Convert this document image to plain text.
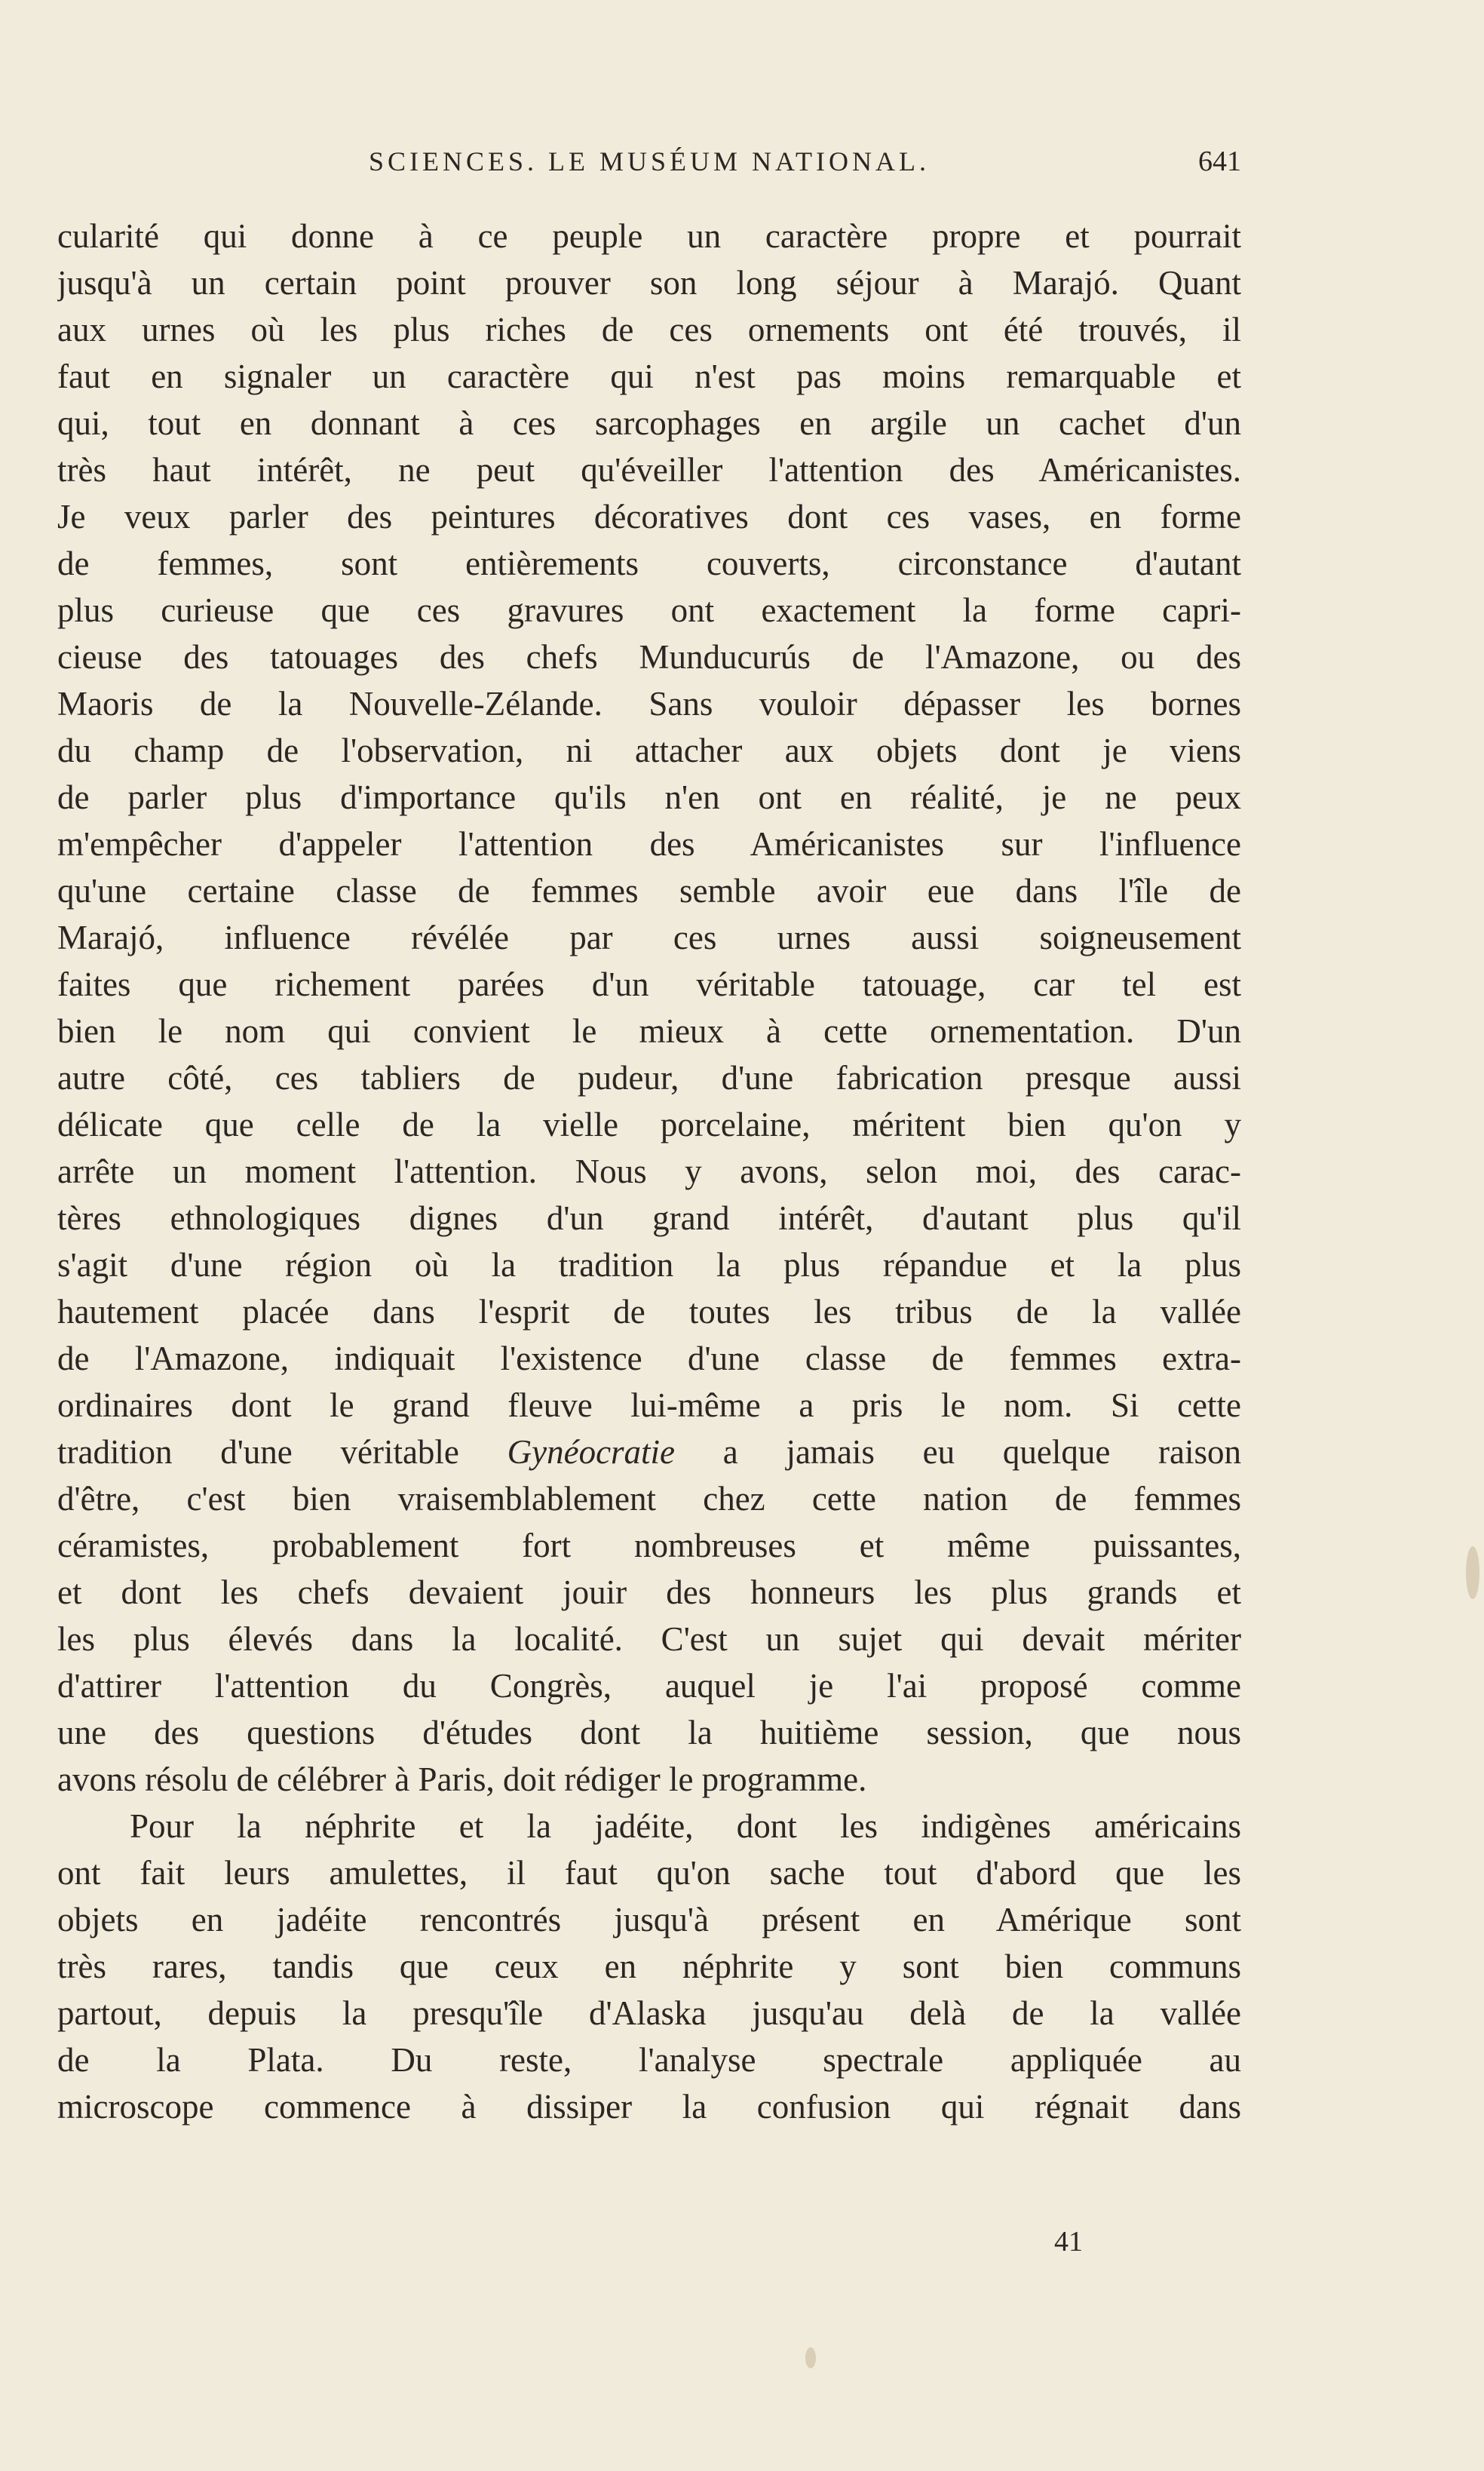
SCIENCES. LE MUSÉUM NATIONAL.	641
cularité qui donne à ce peuple un caractère propre et pourrait
jusqu'à un certain point prouver son long séjour à Marajó. Quant
aux urnes où les plus riches de ces ornements ont été trouvés, il
faut en signaler un caractère qui n'est pas moins remarquable et
qui, tout en donnant à ces sarcophages en argile un cachet d'un
très haut intérêt, ne peut qu'éveiller l'attention des Américanistes.
Je veux parler des peintures décoratives dont ces vases, en forme
de femmes, sont entièrements couverts, circonstance d'autant
plus curieuse que ces gravures ont exactement la forme capri-
cieuse des tatouages des chefs Munducurús de l'Amazone, ou des
Maoris de la Nouvelle-Zélande. Sans vouloir dépasser les bornes
du champ de l'observation, ni attacher aux objets dont je viens
de parler plus d'importance qu'ils n'en ont en réalité, je ne peux
m'empêcher d'appeler l'attention des Américanistes sur l'influence
qu'une certaine classe de femmes semble avoir eue dans l'île de
Marajó, influence révélée par ces urnes aussi soigneusement
faites que richement parées d'un véritable tatouage, car tel est
bien le nom qui convient le mieux à cette ornementation. D'un
autre côté, ces tabliers de pudeur, d'une fabrication presque aussi
délicate que celle de la vielle porcelaine, méritent bien qu'on y
arrête un moment l'attention. Nous y avons, selon moi, des carac-
tères ethnologiques dignes d'un grand intérêt, d'autant plus qu'il
s'agit d'une région où la tradition la plus répandue et la plus
hautement placée dans l'esprit de toutes les tribus de la vallée
de l'Amazone, indiquait l'existence d'une classe de femmes extra-
ordinaires dont le grand fleuve lui-même a pris le nom. Si cette
tradition d'une véritable Gynéocratie a jamais eu quelque raison
d'être, c'est bien vraisemblablement chez cette nation de femmes
céramistes, probablement fort nombreuses et même puissantes,
et dont les chefs devaient jouir des honneurs les plus grands et
les plus élevés dans la localité. C'est un sujet qui devait mériter
d'attirer l'attention du Congrès, auquel je l'ai proposé comme
une des questions d'études dont la huitième session, que nous
avons résolu de célébrer à Paris, doit rédiger le programme.
Pour la néphrite et la jadéite, dont les indigènes américains
ont fait leurs amulettes, il faut qu'on sache tout d'abord que les
objets en jadéite rencontrés jusqu'à présent en Amérique sont
très rares, tandis que ceux en néphrite y sont bien communs
partout, depuis la presqu'île d'Alaska jusqu'au delà de la vallée
de la Plata. Du reste, l'analyse spectrale appliquée au
microscope commence à dissiper la confusion qui régnait dans
41
